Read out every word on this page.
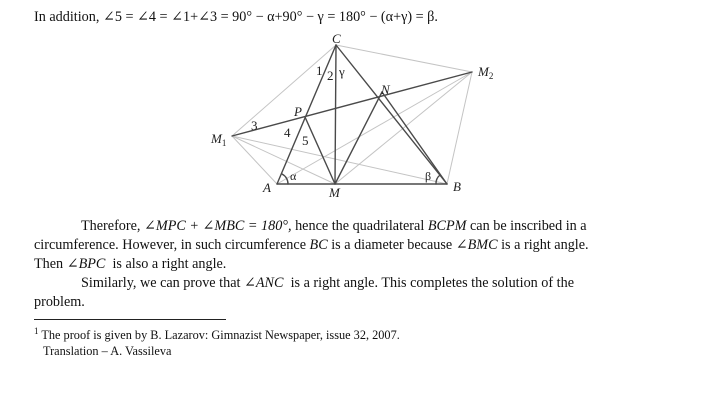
In addition, ∠5 = ∠4 = ∠1+∠3 = 90° − α+90° − γ = 180° − (α+γ) = β.
C
$M_2$
N
P
$M_1$
A	M	B
1 2 γ
3 4
5
α	β
Therefore, ∠MPC + ∠MBC = 180°, hence the quadrilateral BCPM can be inscribed in a
circumference. However, in such circumference BC is a diameter because ∠BMC is a right angle.
Then ∠BPC is also a right angle.
Similarly, we can prove that ∠ANC is a right angle. This completes the solution of the
problem.
$^1$ The proof is given by B. Lazarov: Gimnazist Newspaper, issue 32, 2007.
Translation – A. Vassileva
